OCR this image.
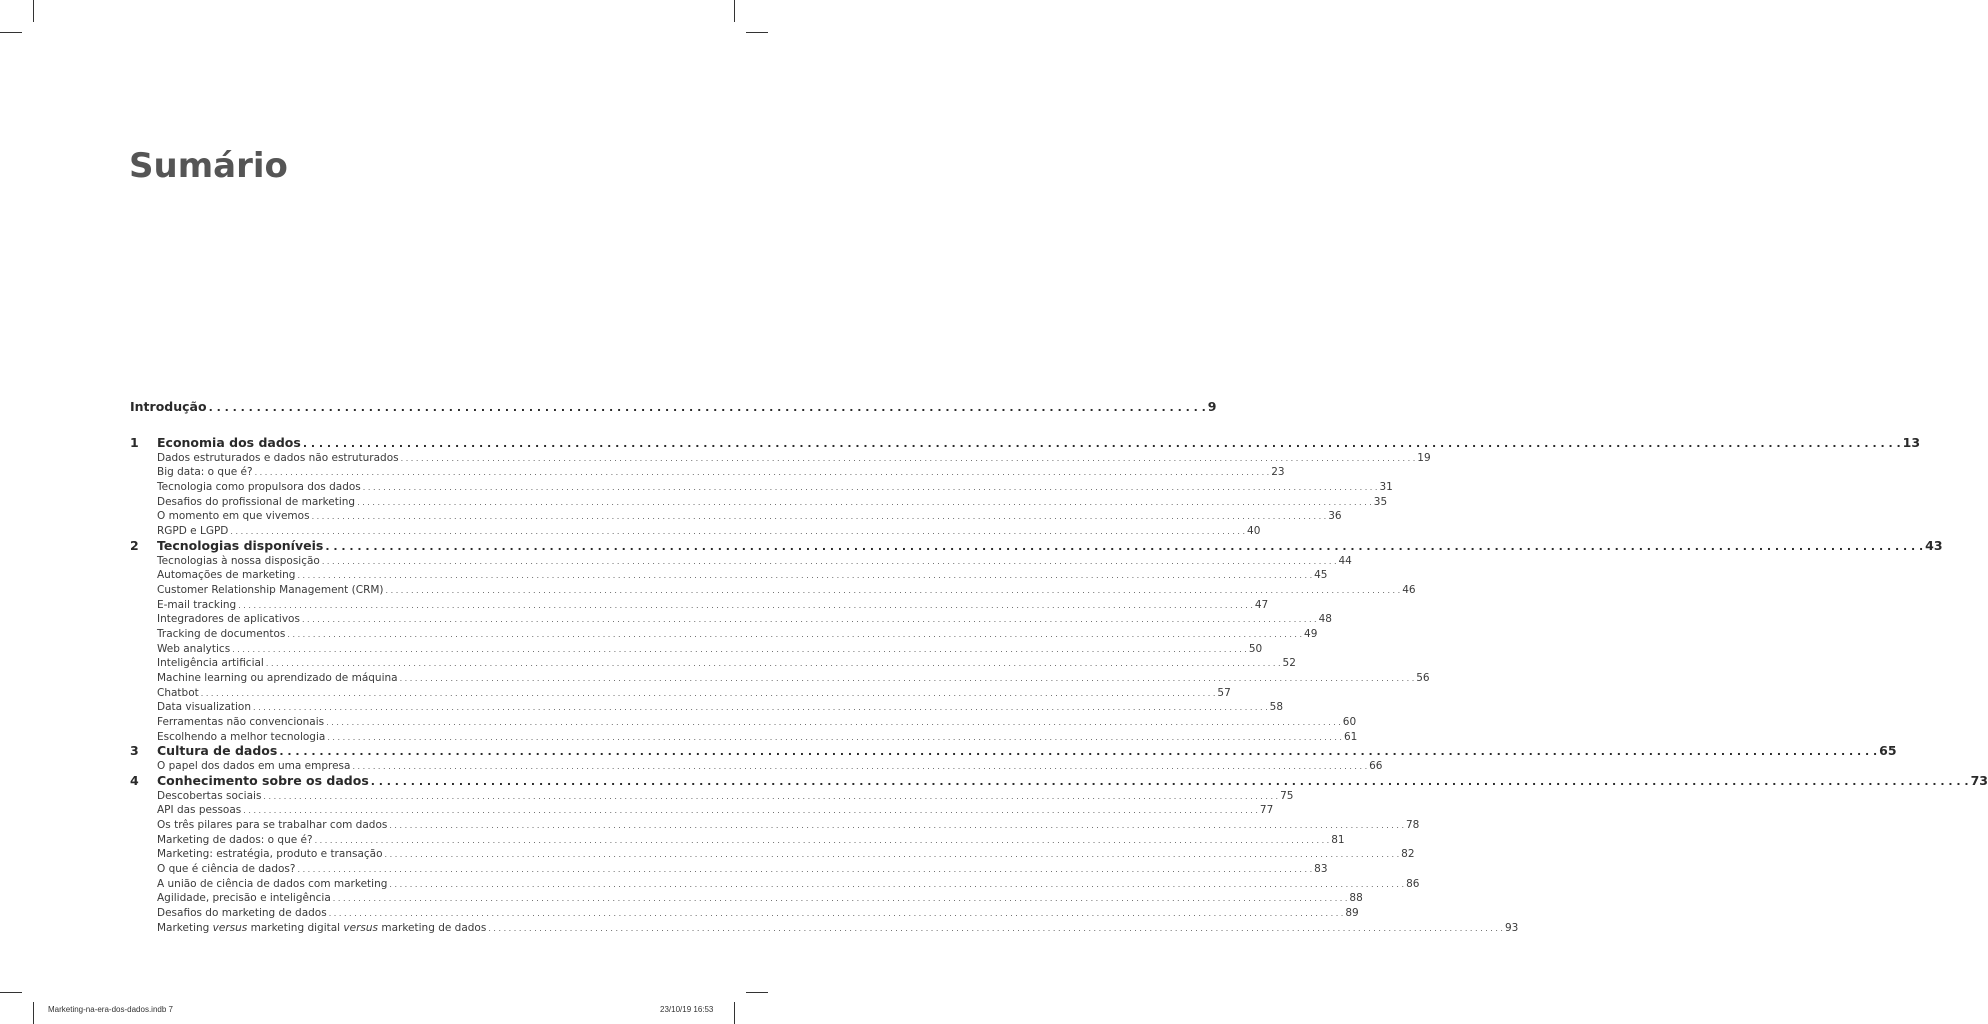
Sumário
Introdução . . . . . . . . . . . . . . . . . . . . . . . . . . . . . . . . . . . . . . . . . . . . . . . . . . . . . . . . . . . . . . . . . . . . . . . . . . . . . . . . . . . . . . . . . . . . . . . . . . . . . . . . . . . . . . . . . . . . . . . . . . . . . 9
1	Economia dos dados . . . . . . . . . . . . . . . . . . . . . . . . . . . . . . . . . . . . . . . . . . . . . . . . . . . . . . . . . . . . . . . . . . . . . . . . . . . . . . . . . . . . . . . . . . . . . . . . . . . . . . . . . . . . . . . . . . . . . . . . . . . . . . . . . . . . . . . . . . . . . . . . . . . . . . . . . . . . . . . . . . . . . . . . . . . . . . . . . . . . . . . . . . . . . . . . . . . . . . . . 13
Dados estruturados e dados não estruturados . . . . . . . . . . . . . . . . . . . . . . . . . . . . . . . . . . . . . . . . . . . . . . . . . . . . . . . . . . . . . . . . . . . . . . . . . . . . . . . . . . . . . . . . . . . . . . . . . . . . . . . . . . . . . . . . . . . . . . . . . . . . . . . . . . . . . . . . . . . . . . . . . . . . . . . . . . . . . . . . . . . . . . . . . . . . . . . . . . . . . . . . . . . . . . . . . . . . . . . . 19
Big data: o que é? . . . . . . . . . . . . . . . . . . . . . . . . . . . . . . . . . . . . . . . . . . . . . . . . . . . . . . . . . . . . . . . . . . . . . . . . . . . . . . . . . . . . . . . . . . . . . . . . . . . . . . . . . . . . . . . . . . . . . . . . . . . . . . . . . . . . . . . . . . . . . . . . . . . . . . . . . . . . . . . . . . . . . . . . . . . . . . . . . . . . . . . . . . . . . . . . . . . . . . . . 23
Tecnologia como propulsora dos dados . . . . . . . . . . . . . . . . . . . . . . . . . . . . . . . . . . . . . . . . . . . . . . . . . . . . . . . . . . . . . . . . . . . . . . . . . . . . . . . . . . . . . . . . . . . . . . . . . . . . . . . . . . . . . . . . . . . . . . . . . . . . . . . . . . . . . . . . . . . . . . . . . . . . . . . . . . . . . . . . . . . . . . . . . . . . . . . . . . . . . . . . . . . . . . . . . . . . . . . . 31
Desafios do profissional de marketing . . . . . . . . . . . . . . . . . . . . . . . . . . . . . . . . . . . . . . . . . . . . . . . . . . . . . . . . . . . . . . . . . . . . . . . . . . . . . . . . . . . . . . . . . . . . . . . . . . . . . . . . . . . . . . . . . . . . . . . . . . . . . . . . . . . . . . . . . . . . . . . . . . . . . . . . . . . . . . . . . . . . . . . . . . . . . . . . . . . . . . . . . . . . . . . . . . . . . . . . 35
O momento em que vivemos . . . . . . . . . . . . . . . . . . . . . . . . . . . . . . . . . . . . . . . . . . . . . . . . . . . . . . . . . . . . . . . . . . . . . . . . . . . . . . . . . . . . . . . . . . . . . . . . . . . . . . . . . . . . . . . . . . . . . . . . . . . . . . . . . . . . . . . . . . . . . . . . . . . . . . . . . . . . . . . . . . . . . . . . . . . . . . . . . . . . . . . . . . . . . . . . . . . . . . . . 36
RGPD e LGPD . . . . . . . . . . . . . . . . . . . . . . . . . . . . . . . . . . . . . . . . . . . . . . . . . . . . . . . . . . . . . . . . . . . . . . . . . . . . . . . . . . . . . . . . . . . . . . . . . . . . . . . . . . . . . . . . . . . . . . . . . . . . . . . . . . . . . . . . . . . . . . . . . . . . . . . . . . . . . . . . . . . . . . . . . . . . . . . . . . . . . . . . . . . . . . . . . . . . . . . . 40
2	Tecnologias disponíveis . . . . . . . . . . . . . . . . . . . . . . . . . . . . . . . . . . . . . . . . . . . . . . . . . . . . . . . . . . . . . . . . . . . . . . . . . . . . . . . . . . . . . . . . . . . . . . . . . . . . . . . . . . . . . . . . . . . . . . . . . . . . . . . . . . . . . . . . . . . . . . . . . . . . . . . . . . . . . . . . . . . . . . . . . . . . . . . . . . . . . . . . . . . . . . . . . . . . . . . . 43
Tecnologias à nossa disposição . . . . . . . . . . . . . . . . . . . . . . . . . . . . . . . . . . . . . . . . . . . . . . . . . . . . . . . . . . . . . . . . . . . . . . . . . . . . . . . . . . . . . . . . . . . . . . . . . . . . . . . . . . . . . . . . . . . . . . . . . . . . . . . . . . . . . . . . . . . . . . . . . . . . . . . . . . . . . . . . . . . . . . . . . . . . . . . . . . . . . . . . . . . . . . . . . . . . . . . . 44
Automações de marketing . . . . . . . . . . . . . . . . . . . . . . . . . . . . . . . . . . . . . . . . . . . . . . . . . . . . . . . . . . . . . . . . . . . . . . . . . . . . . . . . . . . . . . . . . . . . . . . . . . . . . . . . . . . . . . . . . . . . . . . . . . . . . . . . . . . . . . . . . . . . . . . . . . . . . . . . . . . . . . . . . . . . . . . . . . . . . . . . . . . . . . . . . . . . . . . . . . . . . . . . 45
Customer Relationship Management (CRM) . . . . . . . . . . . . . . . . . . . . . . . . . . . . . . . . . . . . . . . . . . . . . . . . . . . . . . . . . . . . . . . . . . . . . . . . . . . . . . . . . . . . . . . . . . . . . . . . . . . . . . . . . . . . . . . . . . . . . . . . . . . . . . . . . . . . . . . . . . . . . . . . . . . . . . . . . . . . . . . . . . . . . . . . . . . . . . . . . . . . . . . . . . . . . . . . . . . . . . . . 46
E-mail tracking . . . . . . . . . . . . . . . . . . . . . . . . . . . . . . . . . . . . . . . . . . . . . . . . . . . . . . . . . . . . . . . . . . . . . . . . . . . . . . . . . . . . . . . . . . . . . . . . . . . . . . . . . . . . . . . . . . . . . . . . . . . . . . . . . . . . . . . . . . . . . . . . . . . . . . . . . . . . . . . . . . . . . . . . . . . . . . . . . . . . . . . . . . . . . . . . . . . . . . . . 47
Integradores de aplicativos . . . . . . . . . . . . . . . . . . . . . . . . . . . . . . . . . . . . . . . . . . . . . . . . . . . . . . . . . . . . . . . . . . . . . . . . . . . . . . . . . . . . . . . . . . . . . . . . . . . . . . . . . . . . . . . . . . . . . . . . . . . . . . . . . . . . . . . . . . . . . . . . . . . . . . . . . . . . . . . . . . . . . . . . . . . . . . . . . . . . . . . . . . . . . . . . . . . . . . . . 48
Tracking de documentos . . . . . . . . . . . . . . . . . . . . . . . . . . . . . . . . . . . . . . . . . . . . . . . . . . . . . . . . . . . . . . . . . . . . . . . . . . . . . . . . . . . . . . . . . . . . . . . . . . . . . . . . . . . . . . . . . . . . . . . . . . . . . . . . . . . . . . . . . . . . . . . . . . . . . . . . . . . . . . . . . . . . . . . . . . . . . . . . . . . . . . . . . . . . . . . . . . . . . . . . 49
Web analytics . . . . . . . . . . . . . . . . . . . . . . . . . . . . . . . . . . . . . . . . . . . . . . . . . . . . . . . . . . . . . . . . . . . . . . . . . . . . . . . . . . . . . . . . . . . . . . . . . . . . . . . . . . . . . . . . . . . . . . . . . . . . . . . . . . . . . . . . . . . . . . . . . . . . . . . . . . . . . . . . . . . . . . . . . . . . . . . . . . . . . . . . . . . . . . . . . . . . . . . . 50
Inteligência artificial . . . . . . . . . . . . . . . . . . . . . . . . . . . . . . . . . . . . . . . . . . . . . . . . . . . . . . . . . . . . . . . . . . . . . . . . . . . . . . . . . . . . . . . . . . . . . . . . . . . . . . . . . . . . . . . . . . . . . . . . . . . . . . . . . . . . . . . . . . . . . . . . . . . . . . . . . . . . . . . . . . . . . . . . . . . . . . . . . . . . . . . . . . . . . . . . . . . . . . . . 52
Machine learning ou aprendizado de máquina . . . . . . . . . . . . . . . . . . . . . . . . . . . . . . . . . . . . . . . . . . . . . . . . . . . . . . . . . . . . . . . . . . . . . . . . . . . . . . . . . . . . . . . . . . . . . . . . . . . . . . . . . . . . . . . . . . . . . . . . . . . . . . . . . . . . . . . . . . . . . . . . . . . . . . . . . . . . . . . . . . . . . . . . . . . . . . . . . . . . . . . . . . . . . . . . . . . . . . . . 56
Chatbot . . . . . . . . . . . . . . . . . . . . . . . . . . . . . . . . . . . . . . . . . . . . . . . . . . . . . . . . . . . . . . . . . . . . . . . . . . . . . . . . . . . . . . . . . . . . . . . . . . . . . . . . . . . . . . . . . . . . . . . . . . . . . . . . . . . . . . . . . . . . . . . . . . . . . . . . . . . . . . . . . . . . . . . . . . . . . . . . . . . . . . . . . . . . . . . . . . . . . . . . 57
Data visualization . . . . . . . . . . . . . . . . . . . . . . . . . . . . . . . . . . . . . . . . . . . . . . . . . . . . . . . . . . . . . . . . . . . . . . . . . . . . . . . . . . . . . . . . . . . . . . . . . . . . . . . . . . . . . . . . . . . . . . . . . . . . . . . . . . . . . . . . . . . . . . . . . . . . . . . . . . . . . . . . . . . . . . . . . . . . . . . . . . . . . . . . . . . . . . . . . . . . . . . . 58
Ferramentas não convencionais . . . . . . . . . . . . . . . . . . . . . . . . . . . . . . . . . . . . . . . . . . . . . . . . . . . . . . . . . . . . . . . . . . . . . . . . . . . . . . . . . . . . . . . . . . . . . . . . . . . . . . . . . . . . . . . . . . . . . . . . . . . . . . . . . . . . . . . . . . . . . . . . . . . . . . . . . . . . . . . . . . . . . . . . . . . . . . . . . . . . . . . . . . . . . . . . . . . . . . . . 60
Escolhendo a melhor tecnologia . . . . . . . . . . . . . . . . . . . . . . . . . . . . . . . . . . . . . . . . . . . . . . . . . . . . . . . . . . . . . . . . . . . . . . . . . . . . . . . . . . . . . . . . . . . . . . . . . . . . . . . . . . . . . . . . . . . . . . . . . . . . . . . . . . . . . . . . . . . . . . . . . . . . . . . . . . . . . . . . . . . . . . . . . . . . . . . . . . . . . . . . . . . . . . . . . . . . . . . . 61
3	Cultura de dados . . . . . . . . . . . . . . . . . . . . . . . . . . . . . . . . . . . . . . . . . . . . . . . . . . . . . . . . . . . . . . . . . . . . . . . . . . . . . . . . . . . . . . . . . . . . . . . . . . . . . . . . . . . . . . . . . . . . . . . . . . . . . . . . . . . . . . . . . . . . . . . . . . . . . . . . . . . . . . . . . . . . . . . . . . . . . . . . . . . . . . . . . . . . . . . . . . . . . . . . 65
O papel dos dados em uma empresa . . . . . . . . . . . . . . . . . . . . . . . . . . . . . . . . . . . . . . . . . . . . . . . . . . . . . . . . . . . . . . . . . . . . . . . . . . . . . . . . . . . . . . . . . . . . . . . . . . . . . . . . . . . . . . . . . . . . . . . . . . . . . . . . . . . . . . . . . . . . . . . . . . . . . . . . . . . . . . . . . . . . . . . . . . . . . . . . . . . . . . . . . . . . . . . . . . . . . . . . 66
4	Conhecimento sobre os dados . . . . . . . . . . . . . . . . . . . . . . . . . . . . . . . . . . . . . . . . . . . . . . . . . . . . . . . . . . . . . . . . . . . . . . . . . . . . . . . . . . . . . . . . . . . . . . . . . . . . . . . . . . . . . . . . . . . . . . . . . . . . . . . . . . . . . . . . . . . . . . . . . . . . . . . . . . . . . . . . . . . . . . . . . . . . . . . . . . . . . . . . . . . . . . . . . . . . . . . . 73
Descobertas sociais . . . . . . . . . . . . . . . . . . . . . . . . . . . . . . . . . . . . . . . . . . . . . . . . . . . . . . . . . . . . . . . . . . . . . . . . . . . . . . . . . . . . . . . . . . . . . . . . . . . . . . . . . . . . . . . . . . . . . . . . . . . . . . . . . . . . . . . . . . . . . . . . . . . . . . . . . . . . . . . . . . . . . . . . . . . . . . . . . . . . . . . . . . . . . . . . . . . . . . . . 75
API das pessoas . . . . . . . . . . . . . . . . . . . . . . . . . . . . . . . . . . . . . . . . . . . . . . . . . . . . . . . . . . . . . . . . . . . . . . . . . . . . . . . . . . . . . . . . . . . . . . . . . . . . . . . . . . . . . . . . . . . . . . . . . . . . . . . . . . . . . . . . . . . . . . . . . . . . . . . . . . . . . . . . . . . . . . . . . . . . . . . . . . . . . . . . . . . . . . . . . . . . . . . . 77
Os três pilares para se trabalhar com dados . . . . . . . . . . . . . . . . . . . . . . . . . . . . . . . . . . . . . . . . . . . . . . . . . . . . . . . . . . . . . . . . . . . . . . . . . . . . . . . . . . . . . . . . . . . . . . . . . . . . . . . . . . . . . . . . . . . . . . . . . . . . . . . . . . . . . . . . . . . . . . . . . . . . . . . . . . . . . . . . . . . . . . . . . . . . . . . . . . . . . . . . . . . . . . . . . . . . . . . . 78
Marketing de dados: o que é? . . . . . . . . . . . . . . . . . . . . . . . . . . . . . . . . . . . . . . . . . . . . . . . . . . . . . . . . . . . . . . . . . . . . . . . . . . . . . . . . . . . . . . . . . . . . . . . . . . . . . . . . . . . . . . . . . . . . . . . . . . . . . . . . . . . . . . . . . . . . . . . . . . . . . . . . . . . . . . . . . . . . . . . . . . . . . . . . . . . . . . . . . . . . . . . . . . . . . . . . 81
Marketing: estratégia, produto e transação . . . . . . . . . . . . . . . . . . . . . . . . . . . . . . . . . . . . . . . . . . . . . . . . . . . . . . . . . . . . . . . . . . . . . . . . . . . . . . . . . . . . . . . . . . . . . . . . . . . . . . . . . . . . . . . . . . . . . . . . . . . . . . . . . . . . . . . . . . . . . . . . . . . . . . . . . . . . . . . . . . . . . . . . . . . . . . . . . . . . . . . . . . . . . . . . . . . . . . . . 82
O que é ciência de dados? . . . . . . . . . . . . . . . . . . . . . . . . . . . . . . . . . . . . . . . . . . . . . . . . . . . . . . . . . . . . . . . . . . . . . . . . . . . . . . . . . . . . . . . . . . . . . . . . . . . . . . . . . . . . . . . . . . . . . . . . . . . . . . . . . . . . . . . . . . . . . . . . . . . . . . . . . . . . . . . . . . . . . . . . . . . . . . . . . . . . . . . . . . . . . . . . . . . . . . . . 83
A união de ciência de dados com marketing . . . . . . . . . . . . . . . . . . . . . . . . . . . . . . . . . . . . . . . . . . . . . . . . . . . . . . . . . . . . . . . . . . . . . . . . . . . . . . . . . . . . . . . . . . . . . . . . . . . . . . . . . . . . . . . . . . . . . . . . . . . . . . . . . . . . . . . . . . . . . . . . . . . . . . . . . . . . . . . . . . . . . . . . . . . . . . . . . . . . . . . . . . . . . . . . . . . . . . . . 86
Agilidade, precisão e inteligência . . . . . . . . . . . . . . . . . . . . . . . . . . . . . . . . . . . . . . . . . . . . . . . . . . . . . . . . . . . . . . . . . . . . . . . . . . . . . . . . . . . . . . . . . . . . . . . . . . . . . . . . . . . . . . . . . . . . . . . . . . . . . . . . . . . . . . . . . . . . . . . . . . . . . . . . . . . . . . . . . . . . . . . . . . . . . . . . . . . . . . . . . . . . . . . . . . . . . . . . 88
Desafios do marketing de dados . . . . . . . . . . . . . . . . . . . . . . . . . . . . . . . . . . . . . . . . . . . . . . . . . . . . . . . . . . . . . . . . . . . . . . . . . . . . . . . . . . . . . . . . . . . . . . . . . . . . . . . . . . . . . . . . . . . . . . . . . . . . . . . . . . . . . . . . . . . . . . . . . . . . . . . . . . . . . . . . . . . . . . . . . . . . . . . . . . . . . . . . . . . . . . . . . . . . . . . . 89
Marketing versus marketing digital versus marketing de dados . . . . . . . . . . . . . . . . . . . . . . . . . . . . . . . . . . . . . . . . . . . . . . . . . . . . . . . . . . . . . . . . . . . . . . . . . . . . . . . . . . . . . . . . . . . . . . . . . . . . . . . . . . . . . . . . . . . . . . . . . . . . . . . . . . . . . . . . . . . . . . . . . . . . . . . . . . . . . . . . . . . . . . . . . . . . . . . . . . . . . . . . . . . . . . . . . . . . . . . . 93
Marketing-na-era-dos-dados.indb 7	23/10/19 16:53
